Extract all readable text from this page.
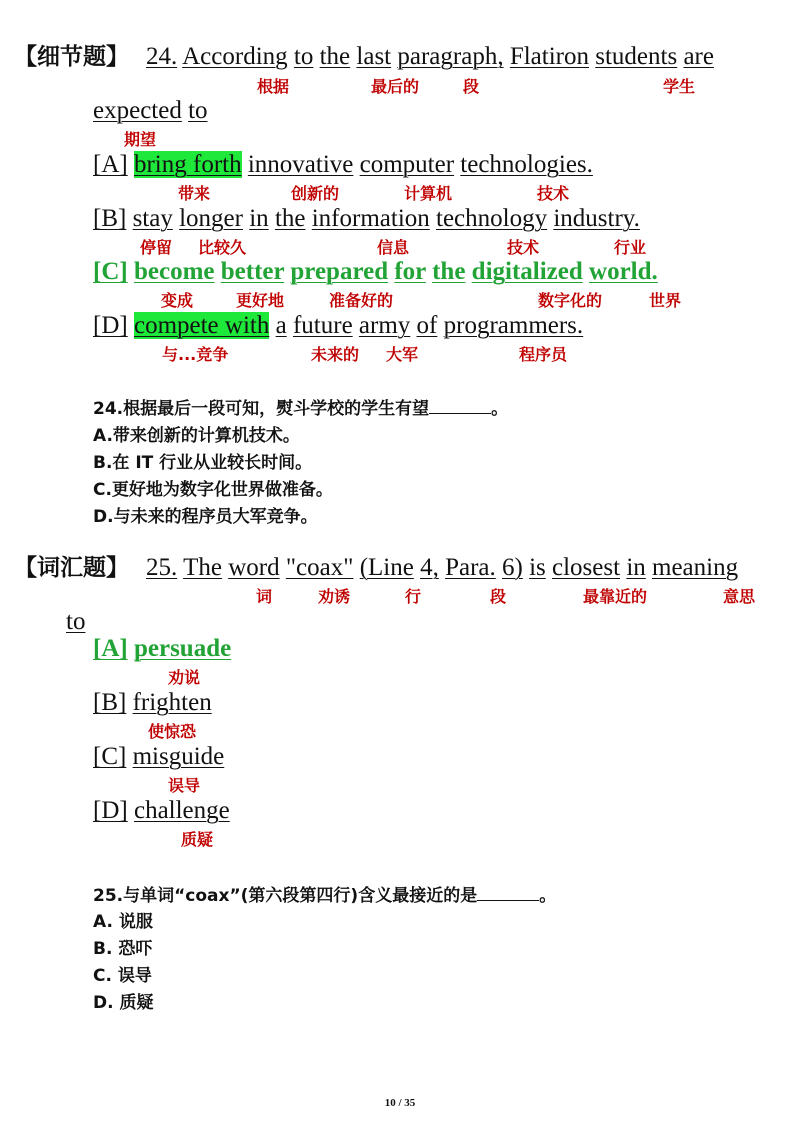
【细节题】 24. According to the last paragraph, Flatiron students are
expected to
[A] bring forth innovative computer technologies.
[B] stay longer in the information technology industry.
[C] become better prepared for the digitalized world.
[D] compete with a future army of programmers.
24.根据最后一段可知，熨斗学校的学生有望	。
A.带来创新的计算机技术。
B.在 IT 行业从业较长时间。
C.更好地为数字化世界做准备。
D.与未来的程序员大军竞争。
【词汇题】 25. The word "coax" (Line 4, Para. 6) is closest in meaning
to
[A] persuade
[B] frighten
[C] misguide
[D] challenge
25.与单词“coax”(第六段第四行)含义最接近的是	。
A. 说服
B. 恐吓
C. 误导
D. 质疑
10 / 35
根据	最后的	段	学生
期望
带来	创新的	计算机	技术
停留 比较久	信息	技术	行业
变成	更好地	准备好的	数字化的	世界
与...竞争	未来的 大军	程序员
词	劝诱	行	段	最靠近的	意思
劝说
使惊恐
误导
质疑
